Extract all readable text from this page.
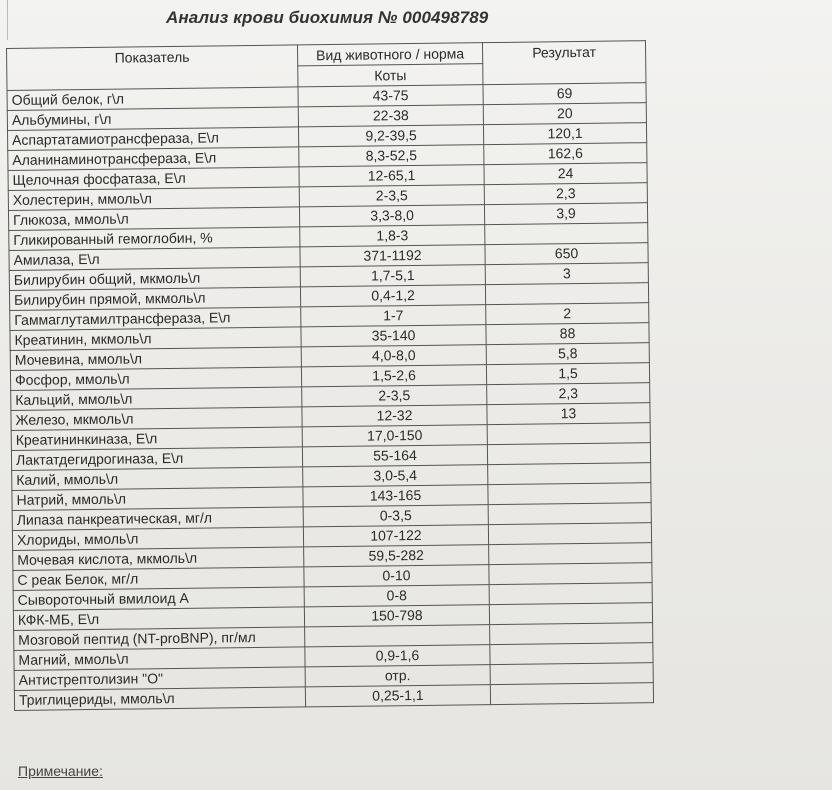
Анализ крови биохимия № 000498789
Показатель	Вид животного / норма	Результат
	Коты	
Общий белок, г\л	43-75	69
Альбумины, г\л	22-38	20
Аспартатамиотрансфераза, Е\л	9,2-39,5	120,1
Аланинаминотрансфераза, Е\л	8,3-52,5	162,6
Щелочная фосфатаза, Е\л	12-65,1	24
Холестерин, ммоль\л	2-3,5	2,3
Глюкоза, ммоль\л	3,3-8,0	3,9
Гликированный гемоглобин, %	1,8-3	
Амилаза, Е\л	371-1192	650
Билирубин общий, мкмоль\л	1,7-5,1	3
Билирубин прямой, мкмоль\л	0,4-1,2	
Гаммаглутамилтрансфераза, Е\л	1-7	2
Креатинин, мкмоль\л	35-140	88
Мочевина, ммоль\л	4,0-8,0	5,8
Фосфор, ммоль\л	1,5-2,6	1,5
Кальций, ммоль\л	2-3,5	2,3
Железо, мкмоль\л	12-32	13
Креатининкиназа, Е\л	17,0-150	
Лактатдегидрогиназа, Е\л	55-164	
Калий, ммоль\л	3,0-5,4	
Натрий, ммоль\л	143-165	
Липаза панкреатическая, мг/л	0-3,5	
Хлориды, ммоль\л	107-122	
Мочевая кислота, мкмоль\л	59,5-282	
С реак Белок, мг/л	0-10	
Сывороточный вмилоид А	0-8	
КФК-МБ, Е\л	150-798	
Мозговой пептид (NT-proBNP), пг/мл		
Магний, ммоль\л	0,9-1,6	
Антистрептолизин "О"	отр.	
Триглицериды, ммоль\л	0,25-1,1	
Примечание:
